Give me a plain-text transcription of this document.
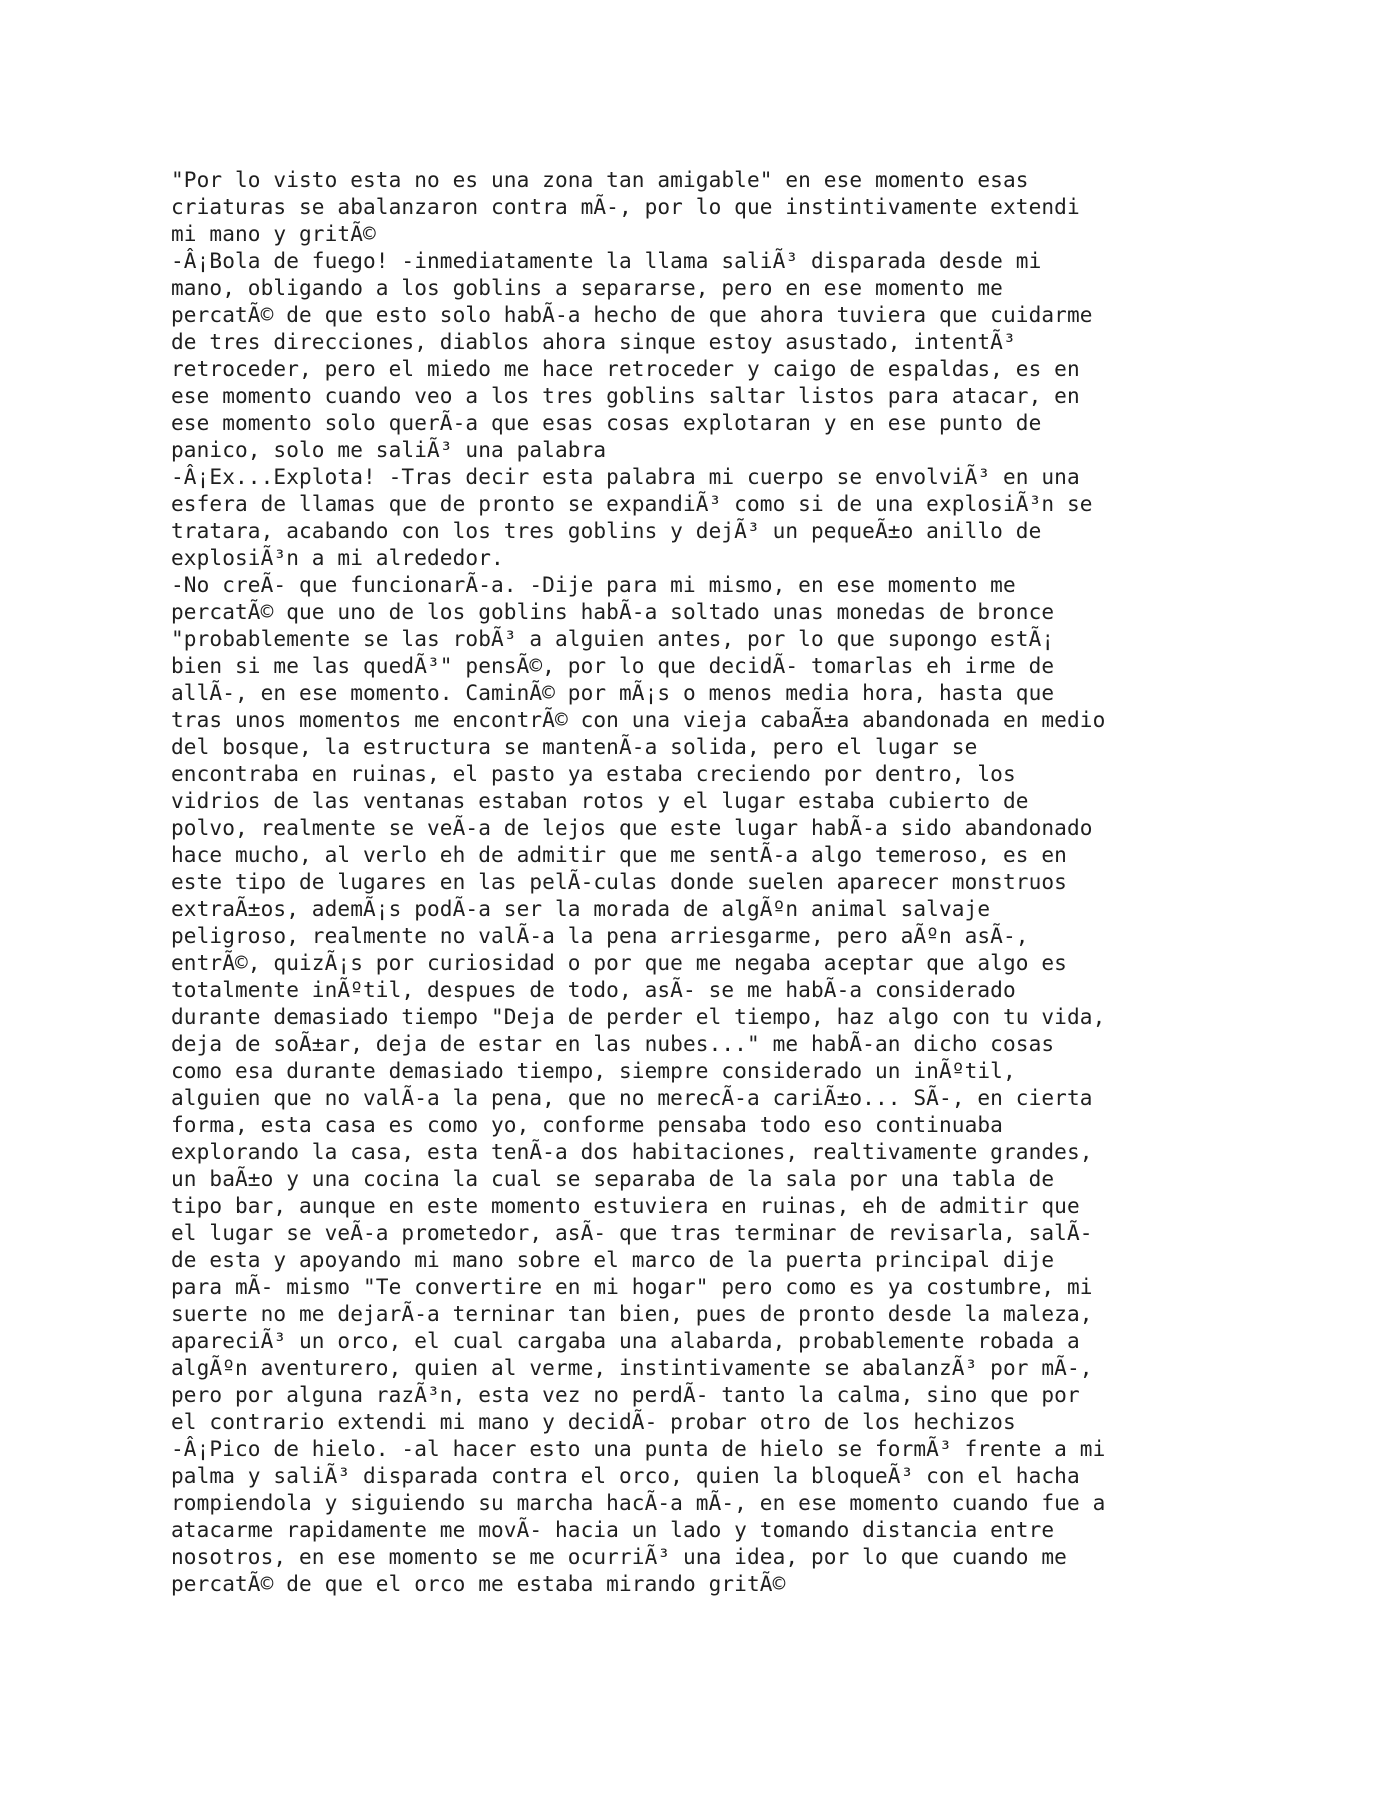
"Por lo visto esta no es una zona tan amigable" en ese momento esas
criaturas se abalanzaron contra mÃ-, por lo que instintivamente extendi
mi mano y gritÃ©
-Â¡Bola de fuego! -inmediatamente la llama saliÃ³ disparada desde mi
mano, obligando a los goblins a separarse, pero en ese momento me
percatÃ© de que esto solo habÃ-a hecho de que ahora tuviera que cuidarme
de tres direcciones, diablos ahora sinque estoy asustado, intentÃ³
retroceder, pero el miedo me hace retroceder y caigo de espaldas, es en
ese momento cuando veo a los tres goblins saltar listos para atacar, en
ese momento solo querÃ-a que esas cosas explotaran y en ese punto de
panico, solo me saliÃ³ una palabra
-Â¡Ex...Explota! -Tras decir esta palabra mi cuerpo se envolviÃ³ en una
esfera de llamas que de pronto se expandiÃ³ como si de una explosiÃ³n se
tratara, acabando con los tres goblins y dejÃ³ un pequeÃ±o anillo de
explosiÃ³n a mi alrededor.
-No creÃ- que funcionarÃ-a. -Dije para mi mismo, en ese momento me
percatÃ© que uno de los goblins habÃ-a soltado unas monedas de bronce
"probablemente se las robÃ³ a alguien antes, por lo que supongo estÃ¡
bien si me las quedÃ³" pensÃ©, por lo que decidÃ- tomarlas eh irme de
allÃ-, en ese momento. CaminÃ© por mÃ¡s o menos media hora, hasta que
tras unos momentos me encontrÃ© con una vieja cabaÃ±a abandonada en medio
del bosque, la estructura se mantenÃ-a solida, pero el lugar se
encontraba en ruinas, el pasto ya estaba creciendo por dentro, los
vidrios de las ventanas estaban rotos y el lugar estaba cubierto de
polvo, realmente se veÃ-a de lejos que este lugar habÃ-a sido abandonado
hace mucho, al verlo eh de admitir que me sentÃ-a algo temeroso, es en
este tipo de lugares en las pelÃ-culas donde suelen aparecer monstruos
extraÃ±os, ademÃ¡s podÃ-a ser la morada de algÃºn animal salvaje
peligroso, realmente no valÃ-a la pena arriesgarme, pero aÃºn asÃ-,
entrÃ©, quizÃ¡s por curiosidad o por que me negaba aceptar que algo es
totalmente inÃºtil, despues de todo, asÃ- se me habÃ-a considerado
durante demasiado tiempo "Deja de perder el tiempo, haz algo con tu vida,
deja de soÃ±ar, deja de estar en las nubes..." me habÃ-an dicho cosas
como esa durante demasiado tiempo, siempre considerado un inÃºtil,
alguien que no valÃ-a la pena, que no merecÃ-a cariÃ±o... SÃ-, en cierta
forma, esta casa es como yo, conforme pensaba todo eso continuaba
explorando la casa, esta tenÃ-a dos habitaciones, realtivamente grandes,
un baÃ±o y una cocina la cual se separaba de la sala por una tabla de
tipo bar, aunque en este momento estuviera en ruinas, eh de admitir que
el lugar se veÃ-a prometedor, asÃ- que tras terminar de revisarla, salÃ-
de esta y apoyando mi mano sobre el marco de la puerta principal dije
para mÃ- mismo "Te convertire en mi hogar" pero como es ya costumbre, mi
suerte no me dejarÃ-a terninar tan bien, pues de pronto desde la maleza,
apareciÃ³ un orco, el cual cargaba una alabarda, probablemente robada a
algÃºn aventurero, quien al verme, instintivamente se abalanzÃ³ por mÃ-,
pero por alguna razÃ³n, esta vez no perdÃ- tanto la calma, sino que por
el contrario extendi mi mano y decidÃ- probar otro de los hechizos
-Â¡Pico de hielo. -al hacer esto una punta de hielo se formÃ³ frente a mi
palma y saliÃ³ disparada contra el orco, quien la bloqueÃ³ con el hacha
rompiendola y siguiendo su marcha hacÃ-a mÃ-, en ese momento cuando fue a
atacarme rapidamente me movÃ- hacia un lado y tomando distancia entre
nosotros, en ese momento se me ocurriÃ³ una idea, por lo que cuando me
percatÃ© de que el orco me estaba mirando gritÃ©
